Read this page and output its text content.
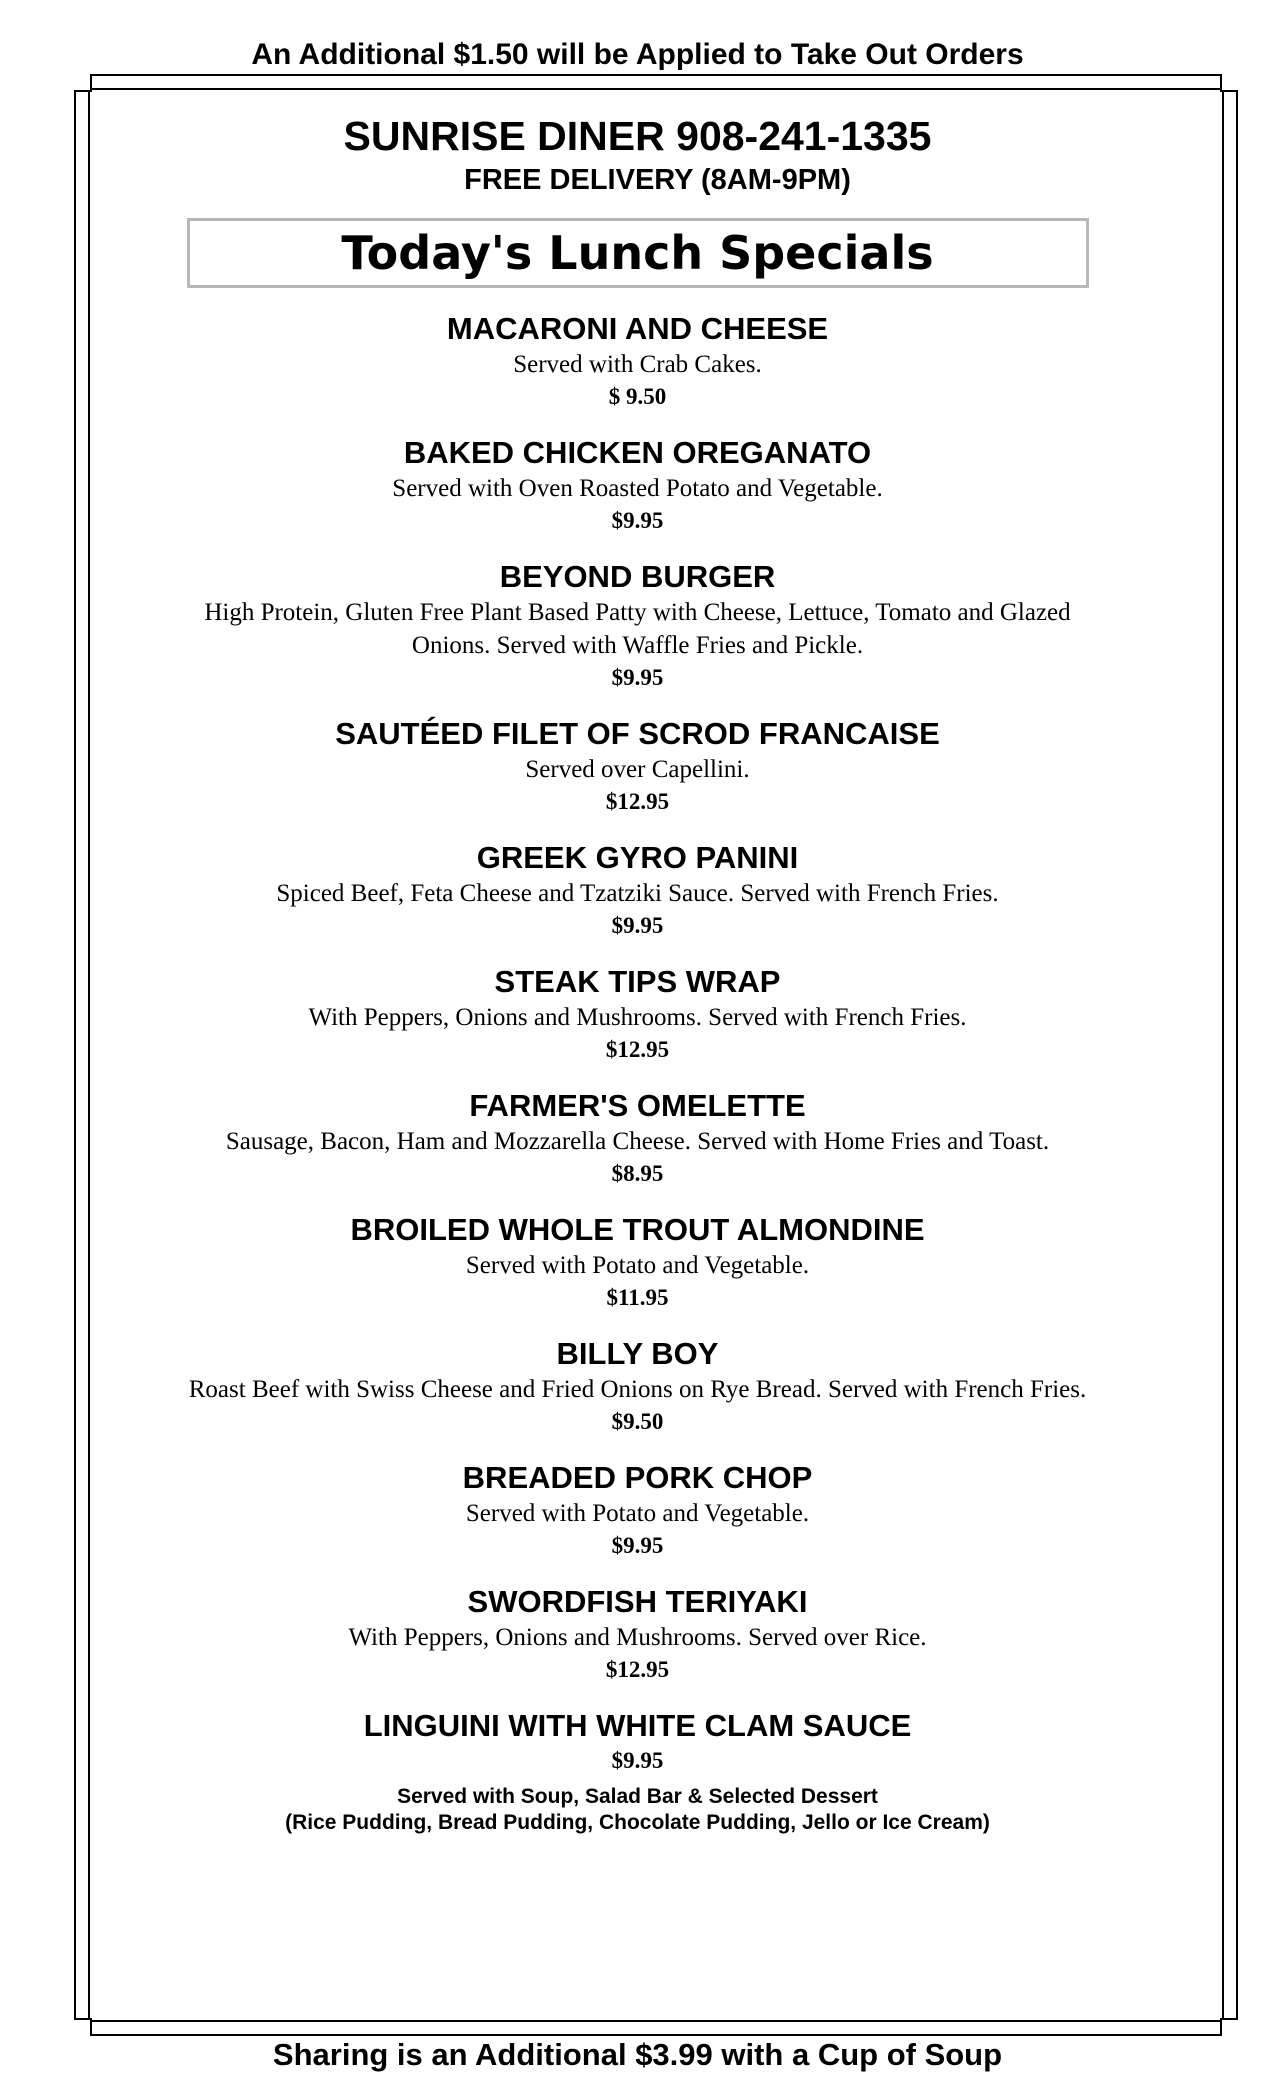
An Additional $1.50 will be Applied to Take Out Orders
SUNRISE DINER 908-241-1335
FREE DELIVERY (8AM-9PM)
Today's Lunch Specials
MACARONI AND CHEESE
Served with Crab Cakes.
$ 9.50
BAKED CHICKEN OREGANATO
Served with Oven Roasted Potato and Vegetable.
$9.95
BEYOND BURGER
High Protein, Gluten Free Plant Based Patty with Cheese, Lettuce, Tomato and Glazed Onions. Served with Waffle Fries and Pickle.
$9.95
SAUTÉED FILET OF SCROD FRANCAISE
Served over Capellini.
$12.95
GREEK GYRO PANINI
Spiced Beef, Feta Cheese and Tzatziki Sauce. Served with French Fries.
$9.95
STEAK TIPS WRAP
With Peppers, Onions and Mushrooms. Served with French Fries.
$12.95
FARMER'S OMELETTE
Sausage, Bacon, Ham and Mozzarella Cheese. Served with Home Fries and Toast.
$8.95
BROILED WHOLE TROUT ALMONDINE
Served with Potato and Vegetable.
$11.95
BILLY BOY
Roast Beef with Swiss Cheese and Fried Onions on Rye Bread. Served with French Fries.
$9.50
BREADED PORK CHOP
Served with Potato and Vegetable.
$9.95
SWORDFISH TERIYAKI
With Peppers, Onions and Mushrooms. Served over Rice.
$12.95
LINGUINI WITH WHITE CLAM SAUCE
$9.95
Served with Soup, Salad Bar & Selected Dessert
(Rice Pudding, Bread Pudding, Chocolate Pudding, Jello or Ice Cream)
Sharing is an Additional $3.99 with a Cup of Soup
